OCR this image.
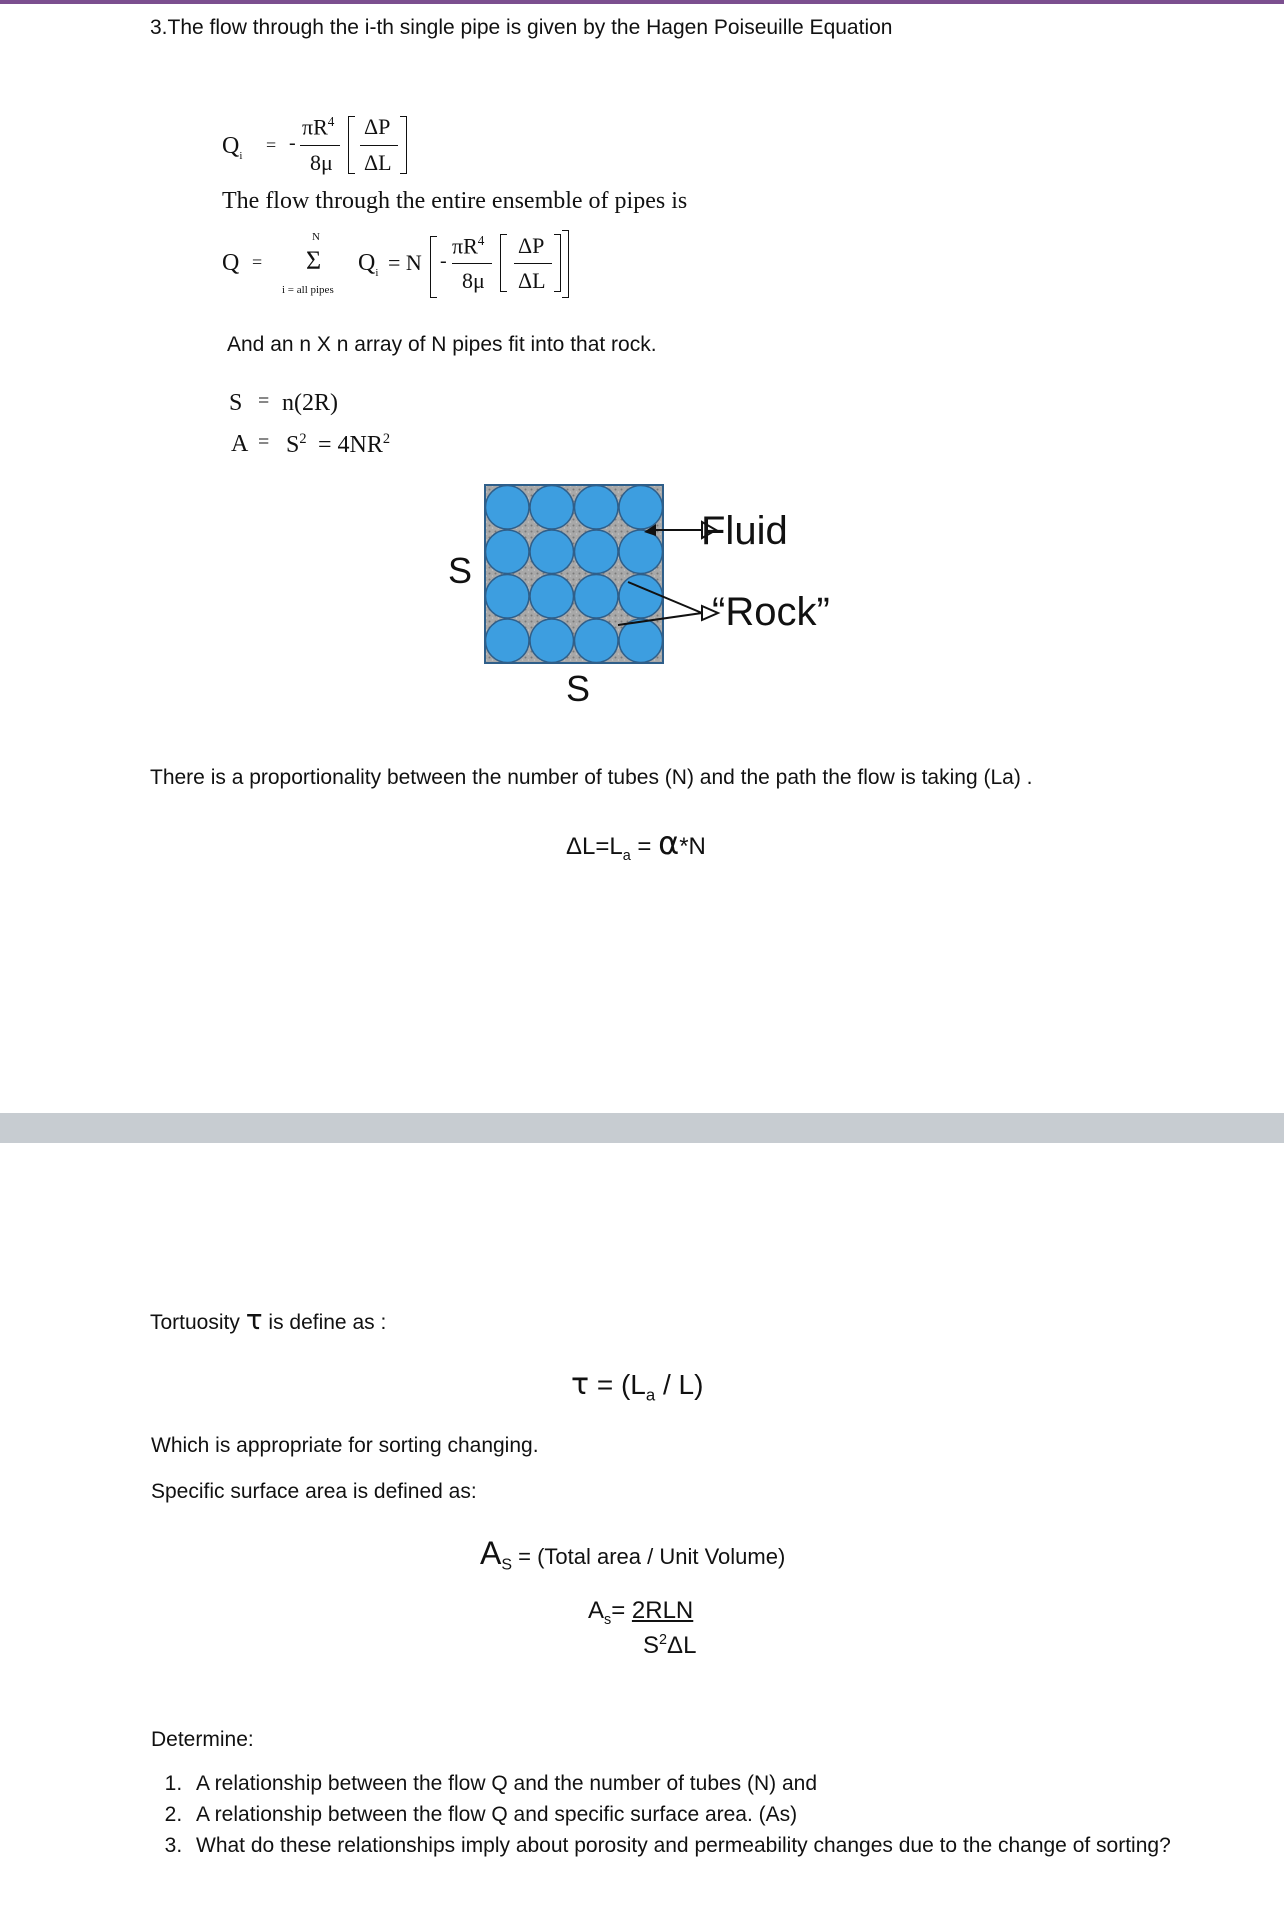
3.The flow through the i-th single pipe is given by the Hagen Poiseuille Equation
$Q_i$
= -
$\pi R^4$
8μ
ΔP
ΔL
The flow through the entire ensemble of pipes is
Q =
N
Σ
i = all pipes
$Q_i = N$ -
$\pi R^4$
8μ
ΔP
ΔL
And an n X n array of N pipes fit into that rock.
S = n(2R)
$A = S^2 = 4NR^2$
S
S
Fluid
“Rock”
There is a proportionality between the number of tubes (N) and the path the flow is taking (La) .
$\Delta L=L_a = \alpha*N$
Tortuosity τ is define as :
$\tau = (L_a / L)$
Which is appropriate for sorting changing.
Specific surface area is defined as:
$A_S$ = (Total area / Unit Volume)
$A_s= 2RLN$
$S^2\Delta L$
Determine:
1. A relationship between the flow Q and the number of tubes (N) and
2. A relationship between the flow Q and specific surface area. (As)
3. What do these relationships imply about porosity and permeability changes due to the change of sorting?
